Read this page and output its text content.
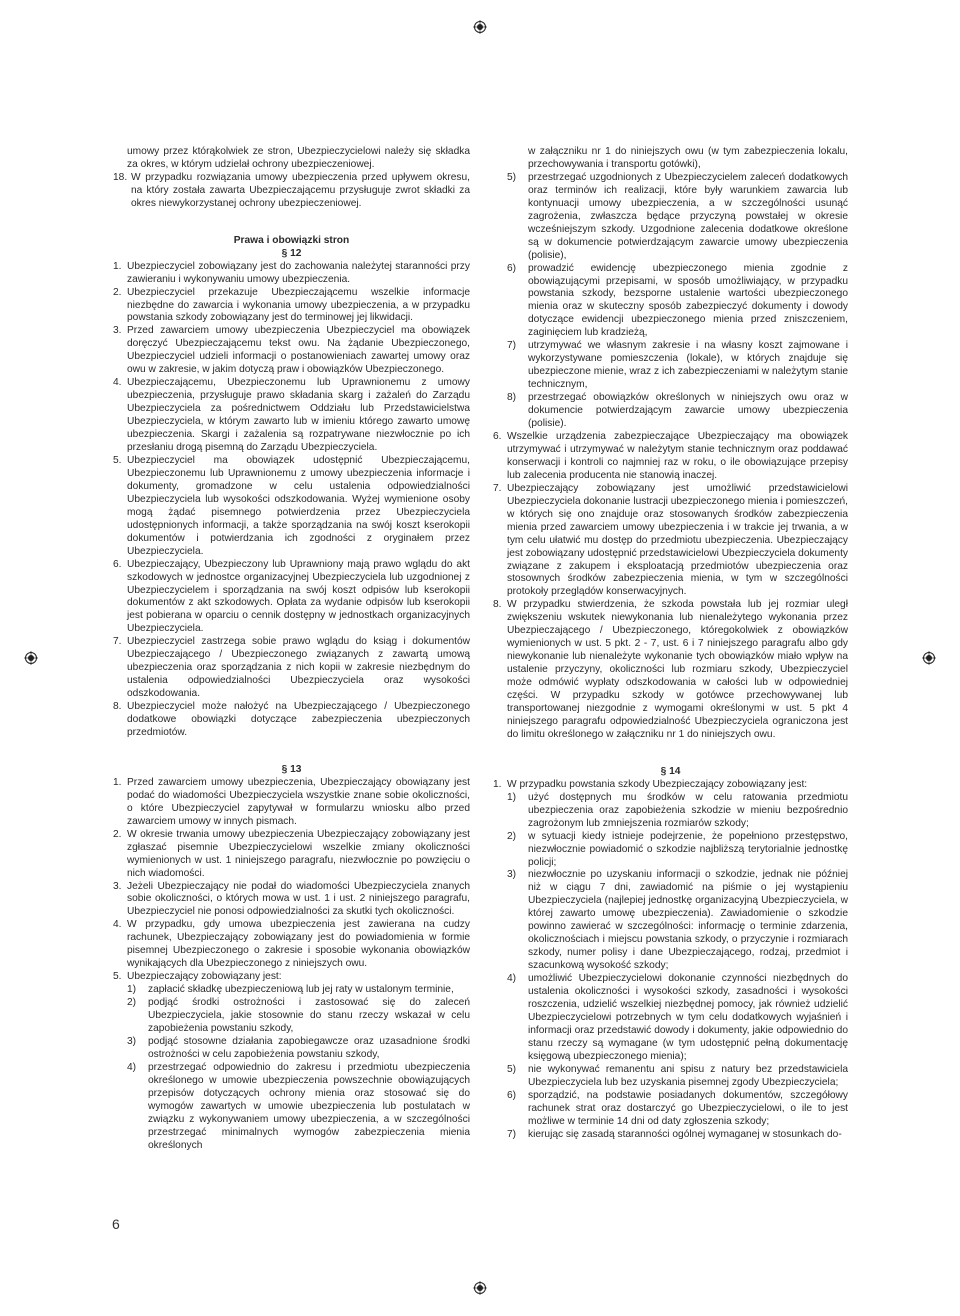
umowy przez którąkolwiek ze stron, Ubezpieczycielowi należy się składka za okres, w którym udzielał ochrony ubezpieczeniowej.
18. W przypadku rozwiązania umowy ubezpieczenia przed upływem okresu, na który została zawarta Ubezpieczającemu przysługuje zwrot składki za okres niewykorzystanej ochrony ubezpieczeniowej.

Prawa i obowiązki stron

§ 12

1. Ubezpieczyciel zobowiązany jest do zachowania należytej staranności przy zawieraniu i wykonywaniu umowy ubezpieczenia.
2. Ubezpieczyciel przekazuje Ubezpieczającemu wszelkie informacje niezbędne do zawarcia i wykonania umowy ubezpieczenia, a w przypadku powstania szkody zobowiązany jest do terminowej jej likwidacji.
3. Przed zawarciem umowy ubezpieczenia Ubezpieczyciel ma obowiązek doręczyć Ubezpieczającemu tekst owu. Na żądanie Ubezpieczonego, Ubezpieczyciel udzieli informacji o postanowieniach zawartej umowy oraz owu w zakresie, w jakim dotyczą praw i obowiązków Ubezpieczonego.
4. Ubezpieczającemu, Ubezpieczonemu lub Uprawnionemu z umowy ubezpieczenia, przysługuje prawo składania skarg i zażaleń do Zarządu Ubezpieczyciela za pośrednictwem Oddziału lub Przedstawicielstwa Ubezpieczyciela, w którym zawarto lub w imieniu którego zawarto umowę ubezpieczenia. Skargi i zażalenia są rozpatrywane niezwłocznie po ich przesłaniu drogą pisemną do Zarządu Ubezpieczyciela.
5. Ubezpieczyciel ma obowiązek udostępnić Ubezpieczającemu, Ubezpieczonemu lub Uprawnionemu z umowy ubezpieczenia informacje i dokumenty, gromadzone w celu ustalenia odpowiedzialności Ubezpieczyciela lub wysokości odszkodowania. Wyżej wymienione osoby mogą żądać pisemnego potwierdzenia przez Ubezpieczyciela udostępnionych informacji, a także sporządzania na swój koszt kserokopii dokumentów i potwierdzania ich zgodności z oryginałem przez Ubezpieczyciela.
6. Ubezpieczający, Ubezpieczony lub Uprawniony mają prawo wglądu do akt szkodowych w jednostce organizacyjnej Ubezpieczyciela lub uzgodnionej z Ubezpieczycielem i sporządzania na swój koszt odpisów lub kserokopii dokumentów z akt szkodowych. Opłata za wydanie odpisów lub kserokopii jest pobierana w oparciu o cennik dostępny w jednostkach organizacyjnych Ubezpieczyciela.
7. Ubezpieczyciel zastrzega sobie prawo wglądu do ksiąg i dokumentów Ubezpieczającego / Ubezpieczonego związanych z zawartą umową ubezpieczenia oraz sporządzania z nich kopii w zakresie niezbędnym do ustalenia odpowiedzialności Ubezpieczyciela oraz wysokości odszkodowania.
8. Ubezpieczyciel może nałożyć na Ubezpieczającego / Ubezpieczonego dodatkowe obowiązki dotyczące zabezpieczenia ubezpieczonych przedmiotów.

§ 13

1. Przed zawarciem umowy ubezpieczenia, Ubezpieczający obowiązany jest podać do wiadomości Ubezpieczyciela wszystkie znane sobie okoliczności, o które Ubezpieczyciel zapytywał w formularzu wniosku albo przed zawarciem umowy w innych pismach.
2. W okresie trwania umowy ubezpieczenia Ubezpieczający zobowiązany jest zgłaszać pisemnie Ubezpieczycielowi wszelkie zmiany okoliczności wymienionych w ust. 1 niniejszego paragrafu, niezwłocznie po powzięciu o nich wiadomości.
3. Jeżeli Ubezpieczający nie podał do wiadomości Ubezpieczyciela znanych sobie okoliczności, o których mowa w ust. 1 i ust. 2 niniejszego paragrafu, Ubezpieczyciel nie ponosi odpowiedzialności za skutki tych okoliczności.
4. W przypadku, gdy umowa ubezpieczenia jest zawierana na cudzy rachunek, Ubezpieczający zobowiązany jest do powiadomienia w formie pisemnej Ubezpieczonego o zakresie i sposobie wykonania obowiązków wynikających dla Ubezpieczonego z niniejszych owu.
5. Ubezpieczający zobowiązany jest:
1)	zapłacić składkę ubezpieczeniową lub jej raty w ustalonym terminie,
2)	podjąć środki ostrożności i zastosować się do zaleceń Ubezpieczyciela, jakie stosownie do stanu rzeczy wskazał w celu zapobieżenia powstaniu szkody,
3)	podjąć stosowne działania zapobiegawcze oraz uzasadnione środki ostrożności w celu zapobieżenia powstaniu szkody,
4)	przestrzegać odpowiednio do zakresu i przedmiotu ubezpieczenia określonego w umowie ubezpieczenia powszechnie obowiązujących przepisów dotyczących ochrony mienia oraz stosować się do wymogów zawartych w umowie ubezpieczenia lub postulatach w związku z wykonywaniem umowy ubezpieczenia, a w szczególności przestrzegać minimalnych wymogów zabezpieczenia mienia określonych
w załączniku nr 1 do niniejszych owu (w tym zabezpieczenia lokalu, przechowywania i transportu gotówki),
5)	przestrzegać uzgodnionych z Ubezpieczycielem zaleceń dodatkowych oraz terminów ich realizacji, które były warunkiem zawarcia lub kontynuacji umowy ubezpieczenia, a w szczególności usunąć zagrożenia, zwłaszcza będące przyczyną powstałej w okresie wcześniejszym szkody. Uzgodnione zalecenia dodatkowe określone są w dokumencie potwierdzającym zawarcie umowy ubezpieczenia (polisie),
6)	prowadzić ewidencję ubezpieczonego mienia zgodnie z obowiązującymi przepisami, w sposób umożliwiający, w przypadku powstania szkody, bezsporne ustalenie wartości ubezpieczonego mienia oraz w skuteczny sposób zabezpieczyć dokumenty i dowody dotyczące ewidencji ubezpieczonego mienia przed zniszczeniem, zaginięciem lub kradzieżą,
7)	utrzymywać we własnym zakresie i na własny koszt zajmowane i wykorzystywane pomieszczenia (lokale), w których znajduje się ubezpieczone mienie, wraz z ich zabezpieczeniami w należytym stanie technicznym,
8)	przestrzegać obowiązków określonych w niniejszych owu oraz w dokumencie potwierdzającym zawarcie umowy ubezpieczenia (polisie).
6. Wszelkie urządzenia zabezpieczające Ubezpieczający ma obowiązek utrzymywać i utrzymywać w należytym stanie technicznym oraz poddawać konserwacji i kontroli co najmniej raz w roku, o ile obowiązujące przepisy lub zalecenia producenta nie stanowią inaczej.
7. Ubezpieczający zobowiązany jest umożliwić przedstawicielowi Ubezpieczyciela dokonanie lustracji ubezpieczonego mienia i pomieszczeń, w których się ono znajduje oraz stosowanych środków zabezpieczenia mienia przed zawarciem umowy ubezpieczenia i w trakcie jej trwania, a w tym celu ułatwić mu dostęp do przedmiotu ubezpieczenia. Ubezpieczający jest zobowiązany udostępnić przedstawicielowi Ubezpieczyciela dokumenty związane z zakupem i eksploatacją przedmiotów ubezpieczenia oraz stosownych środków zabezpieczenia mienia, w tym w szczególności protokoły przeglądów konserwacyjnych.
8. W przypadku stwierdzenia, że szkoda powstała lub jej rozmiar uległ zwiększeniu wskutek niewykonania lub nienależytego wykonania przez Ubezpieczającego / Ubezpieczonego, któregokolwiek z obowiązków wymienionych w ust. 5 pkt. 2 - 7, ust. 6 i 7 niniejszego paragrafu albo gdy niewykonanie lub nienależyte wykonanie tych obowiązków miało wpływ na ustalenie przyczyny, okoliczności lub rozmiaru szkody, Ubezpieczyciel może odmówić wypłaty odszkodowania w całości lub w odpowiedniej części. W przypadku szkody w gotówce przechowywanej lub transportowanej niezgodnie z wymogami określonymi w ust. 5 pkt 4 niniejszego paragrafu odpowiedzialność Ubezpieczyciela ograniczona jest do limitu określonego w załączniku nr 1 do niniejszych owu.

§ 14

1. W przypadku powstania szkody Ubezpieczający zobowiązany jest:
1)	użyć dostępnych mu środków w celu ratowania przedmiotu ubezpieczenia oraz zapobieżenia szkodzie w mieniu bezpośrednio zagrożonym lub zmniejszenia rozmiarów szkody;
2)	w sytuacji kiedy istnieje podejrzenie, że popełniono przestępstwo, niezwłocznie powiadomić o szkodzie najbliższą terytorialnie jednostkę policji;
3)	niezwłocznie po uzyskaniu informacji o szkodzie, jednak nie później niż w ciągu 7 dni, zawiadomić na piśmie o jej wystąpieniu Ubezpieczyciela (najlepiej jednostkę organizacyjną Ubezpieczyciela, w której zawarto umowę ubezpieczenia). Zawiadomienie o szkodzie powinno zawierać w szczególności: informację o terminie zdarzenia, okolicznościach i miejscu powstania szkody, o przyczynie i rozmiarach szkody, numer polisy i dane Ubezpieczającego, rodzaj, przedmiot i szacunkową wysokość szkody;
4)	umożliwić Ubezpieczycielowi dokonanie czynności niezbędnych do ustalenia okoliczności i wysokości szkody, zasadności i wysokości roszczenia, udzielić wszelkiej niezbędnej pomocy, jak również udzielić Ubezpieczycielowi potrzebnych w tym celu dodatkowych wyjaśnień i informacji oraz przedstawić dowody i dokumenty, jakie odpowiednio do stanu rzeczy są wymagane (w tym udostępnić pełną dokumentację księgową ubezpieczonego mienia);
5)	nie wykonywać remanentu ani spisu z natury bez przedstawiciela Ubezpieczyciela lub bez uzyskania pisemnej zgody Ubezpieczyciela;
6)	sporządzić, na podstawie posiadanych dokumentów, szczegółowy rachunek strat oraz dostarczyć go Ubezpieczycielowi, o ile to jest możliwe w terminie 14 dni od daty zgłoszenia szkody;
7)	kierując się zasadą staranności ogólnej wymaganej w stosunkach do-
6
